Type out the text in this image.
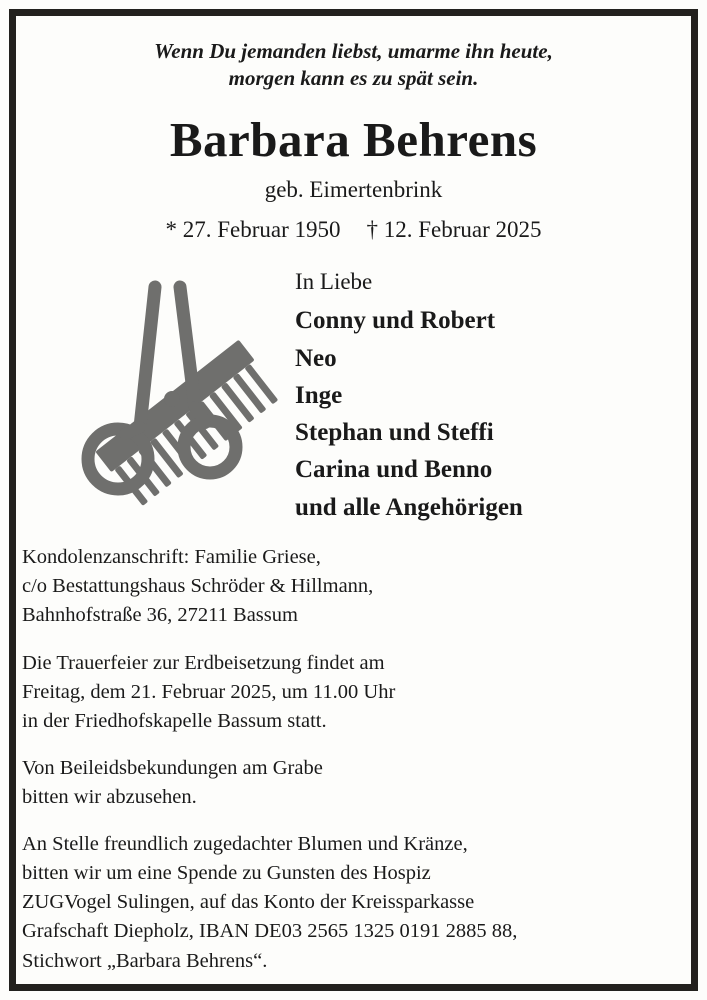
Wenn Du jemanden liebst, umarme ihn heute,
morgen kann es zu spät sein.
Barbara Behrens
geb. Eimertenbrink
* 27. Februar 1950 † 12. Februar 2025
In Liebe
Conny und Robert
Neo
Inge
Stephan und Steffi
Carina und Benno
und alle Angehörigen
Kondolenzanschrift: Familie Griese,
c/o Bestattungshaus Schröder & Hillmann,
Bahnhofstraße 36, 27211 Bassum
Die Trauerfeier zur Erdbeisetzung findet am
Freitag, dem 21. Februar 2025, um 11.00 Uhr
in der Friedhofskapelle Bassum statt.
Von Beileidsbekundungen am Grabe
bitten wir abzusehen.
An Stelle freundlich zugedachter Blumen und Kränze,
bitten wir um eine Spende zu Gunsten des Hospiz
ZUGVogel Sulingen, auf das Konto der Kreissparkasse
Grafschaft Diepholz, IBAN DE03 2565 1325 0191 2885 88,
Stichwort „Barbara Behrens“.
